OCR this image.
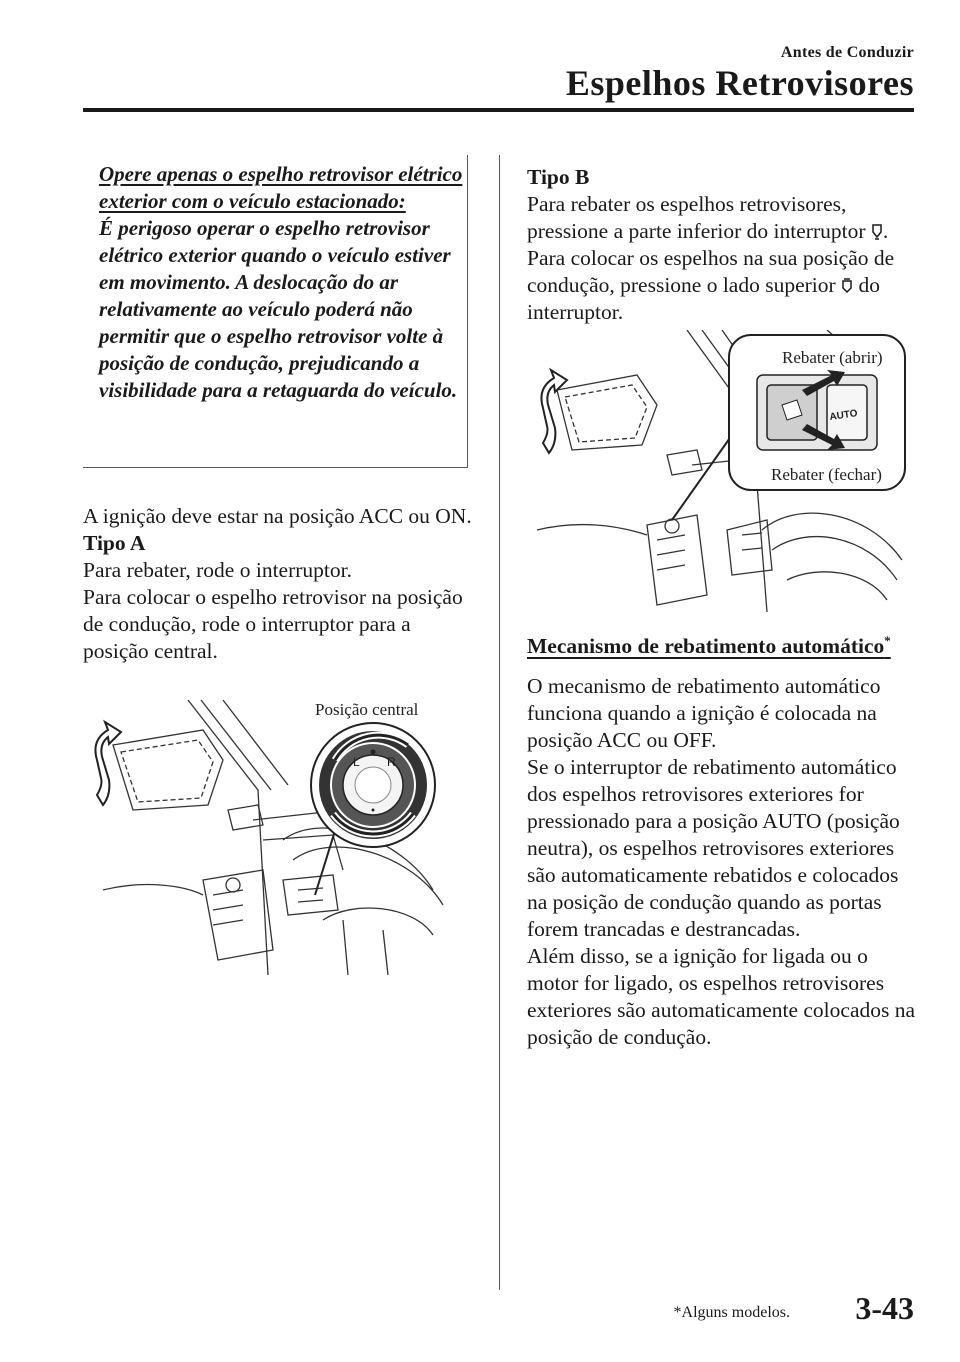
Antes de Conduzir
Espelhos Retrovisores
Opere apenas o espelho retrovisor elétrico exterior com o veículo estacionado:
É perigoso operar o espelho retrovisor elétrico exterior quando o veículo estiver em movimento. A deslocação do ar relativamente ao veículo poderá não permitir que o espelho retrovisor volte à posição de condução, prejudicando a visibilidade para a retaguarda do veículo.
A ignição deve estar na posição ACC ou ON.
Tipo A
Para rebater, rode o interruptor.
Para colocar o espelho retrovisor na posição de condução, rode o interruptor para a posição central.
L R
Posição central
Tipo B
Para rebater os espelhos retrovisores, pressione a parte inferior do interruptor . Para colocar os espelhos na sua posição de condução, pressione o lado superior do interruptor.
AUTO
Rebater (abrir)
Rebater (fechar)
Mecanismo de rebatimento automático*
O mecanismo de rebatimento automático funciona quando a ignição é colocada na posição ACC ou OFF.
Se o interruptor de rebatimento automático dos espelhos retrovisores exteriores for pressionado para a posição AUTO (posição neutra), os espelhos retrovisores exteriores são automaticamente rebatidos e colocados na posição de condução quando as portas forem trancadas e destrancadas.
Além disso, se a ignição for ligada ou o motor for ligado, os espelhos retrovisores exteriores são automaticamente colocados na posição de condução.
*Alguns modelos. 3-43
